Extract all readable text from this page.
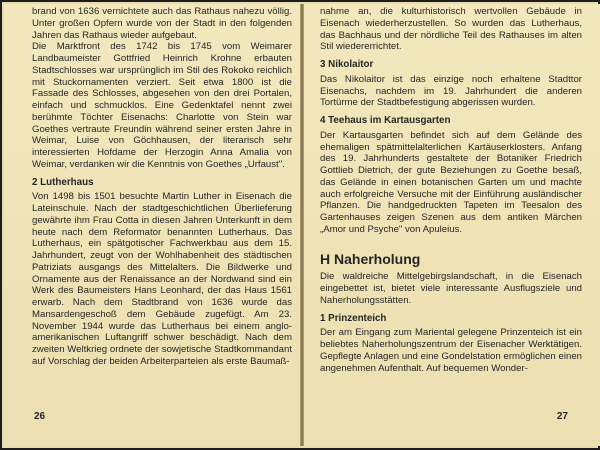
brand von 1636 vernichtete auch das Rathaus nahezu völlig. Unter großen Opfern wurde von der Stadt in den folgenden Jahren das Rathaus wieder aufgebaut.

Die Marktfront des 1742 bis 1745 vom Weimarer Landbaumeister Gottfried Heinrich Krohne erbauten Stadtschlosses war ursprünglich im Stil des Rokoko reichlich mit Stuckornamenten verziert. Seit etwa 1800 ist die Fassade des Schlosses, abgesehen von den drei Portalen, einfach und schmucklos. Eine Gedenktafel nennt zwei berühmte Töchter Eisenachs: Charlotte von Stein war Goethes vertraute Freundin während seiner ersten Jahre in Weimar, Luise von Göchhausen, der literarisch sehr interessierten Hofdame der Herzogin Anna Amalia von Weimar, verdanken wir die Kenntnis von Goethes „Urfaust".

2 Lutherhaus

Von 1498 bis 1501 besuchte Martin Luther in Eisenach die Lateinschule. Nach der stadtgeschichtlichen Überlieferung gewährte ihm Frau Cotta in diesen Jahren Unterkunft in dem heute nach dem Reformator benannten Lutherhaus. Das Lutherhaus, ein spätgotischer Fachwerkbau aus dem 15. Jahrhundert, zeugt von der Wohlhabenheit des städtischen Patriziats ausgangs des Mittelalters. Die Bildwerke und Ornamente aus der Renaissance an der Nordwand sind ein Werk des Baumeisters Hans Leonhard, der das Haus 1561 erwarb. Nach dem Stadtbrand von 1636 wurde das Mansardengeschoß dem Gebäude zugefügt. Am 23. November 1944 wurde das Lutherhaus bei einem anglo-amerikanischen Luftangriff schwer beschädigt. Nach dem zweiten Weltkrieg ordnete der sowjetische Stadtkommandant auf Vorschlag der beiden Arbeiterparteien als erste Baumaß-

26

nahme an, die kulturhistorisch wertvollen Gebäude in Eisenach wiederherzustellen. So wurden das Lutherhaus, das Bachhaus und der nördliche Teil des Rathauses im alten Stil wiedererrichtet.

3 Nikolaitor

Das Nikolaitor ist das einzige noch erhaltene Stadttor Eisenachs, nachdem im 19. Jahrhundert die anderen Tortürme der Stadtbefestigung abgerissen wurden.

4 Teehaus im Kartausgarten

Der Kartausgarten befindet sich auf dem Gelände des ehemaligen spätmittelalterlichen Kartäuserklosters. Anfang des 19. Jahrhunderts gestaltete der Botaniker Friedrich Gottlieb Dietrich, der gute Beziehungen zu Goethe besaß, das Gelände in einen botanischen Garten um und machte auch erfolgreiche Versuche mit der Einführung ausländischer Pflanzen. Die handgedruckten Tapeten im Teesalon des Gartenhauses zeigen Szenen aus dem antiken Märchen „Amor und Psyche" von Apuleius.

H Naherholung

Die waldreiche Mittelgebirgslandschaft, in die Eisenach eingebettet ist, bietet viele interessante Ausflugsziele und Naherholungsstätten.

1 Prinzenteich

Der am Eingang zum Mariental gelegene Prinzenteich ist ein beliebtes Naherholungszentrum der Eisenacher Werktätigen. Gepflegte Anlagen und eine Gondelstation ermöglichen einen angenehmen Aufenthalt. Auf bequemen Wonder-

27
